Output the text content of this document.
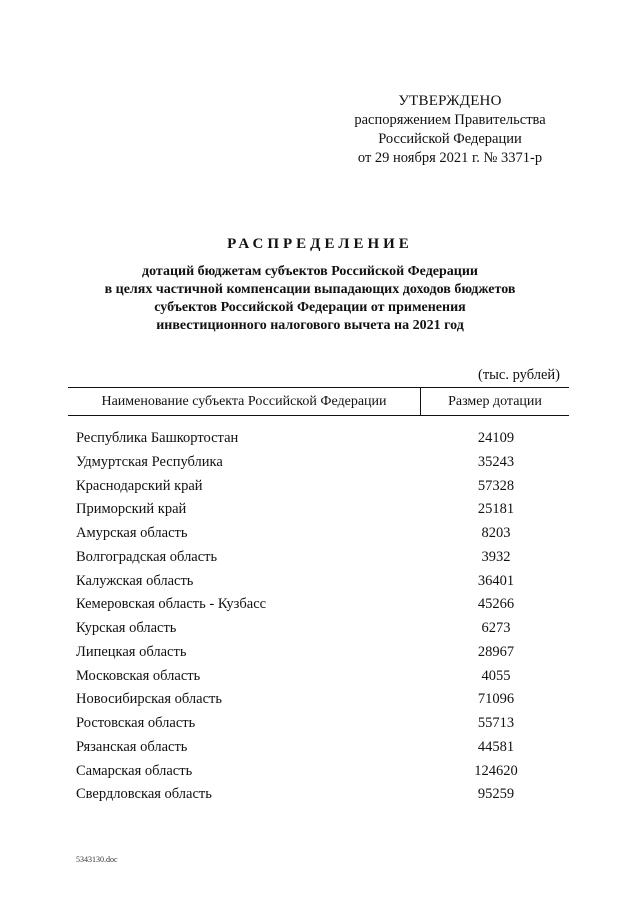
УТВЕРЖДЕНО
распоряжением Правительства
Российской Федерации
от 29 ноября 2021 г. № 3371-р
РАСПРЕДЕЛЕНИЕ
дотаций бюджетам субъектов Российской Федерации
в целях частичной компенсации выпадающих доходов бюджетов
субъектов Российской Федерации от применения
инвестиционного налогового вычета на 2021 год
(тыс. рублей)
Наименование субъекта Российской Федерации	Размер дотации
Республика Башкортостан	24109
Удмуртская Республика	35243
Краснодарский край	57328
Приморский край	25181
Амурская область	8203
Волгоградская область	3932
Калужская область	36401
Кемеровская область - Кузбасс	45266
Курская область	6273
Липецкая область	28967
Московская область	4055
Новосибирская область	71096
Ростовская область	55713
Рязанская область	44581
Самарская область	124620
Свердловская область	95259
5343130.doc
